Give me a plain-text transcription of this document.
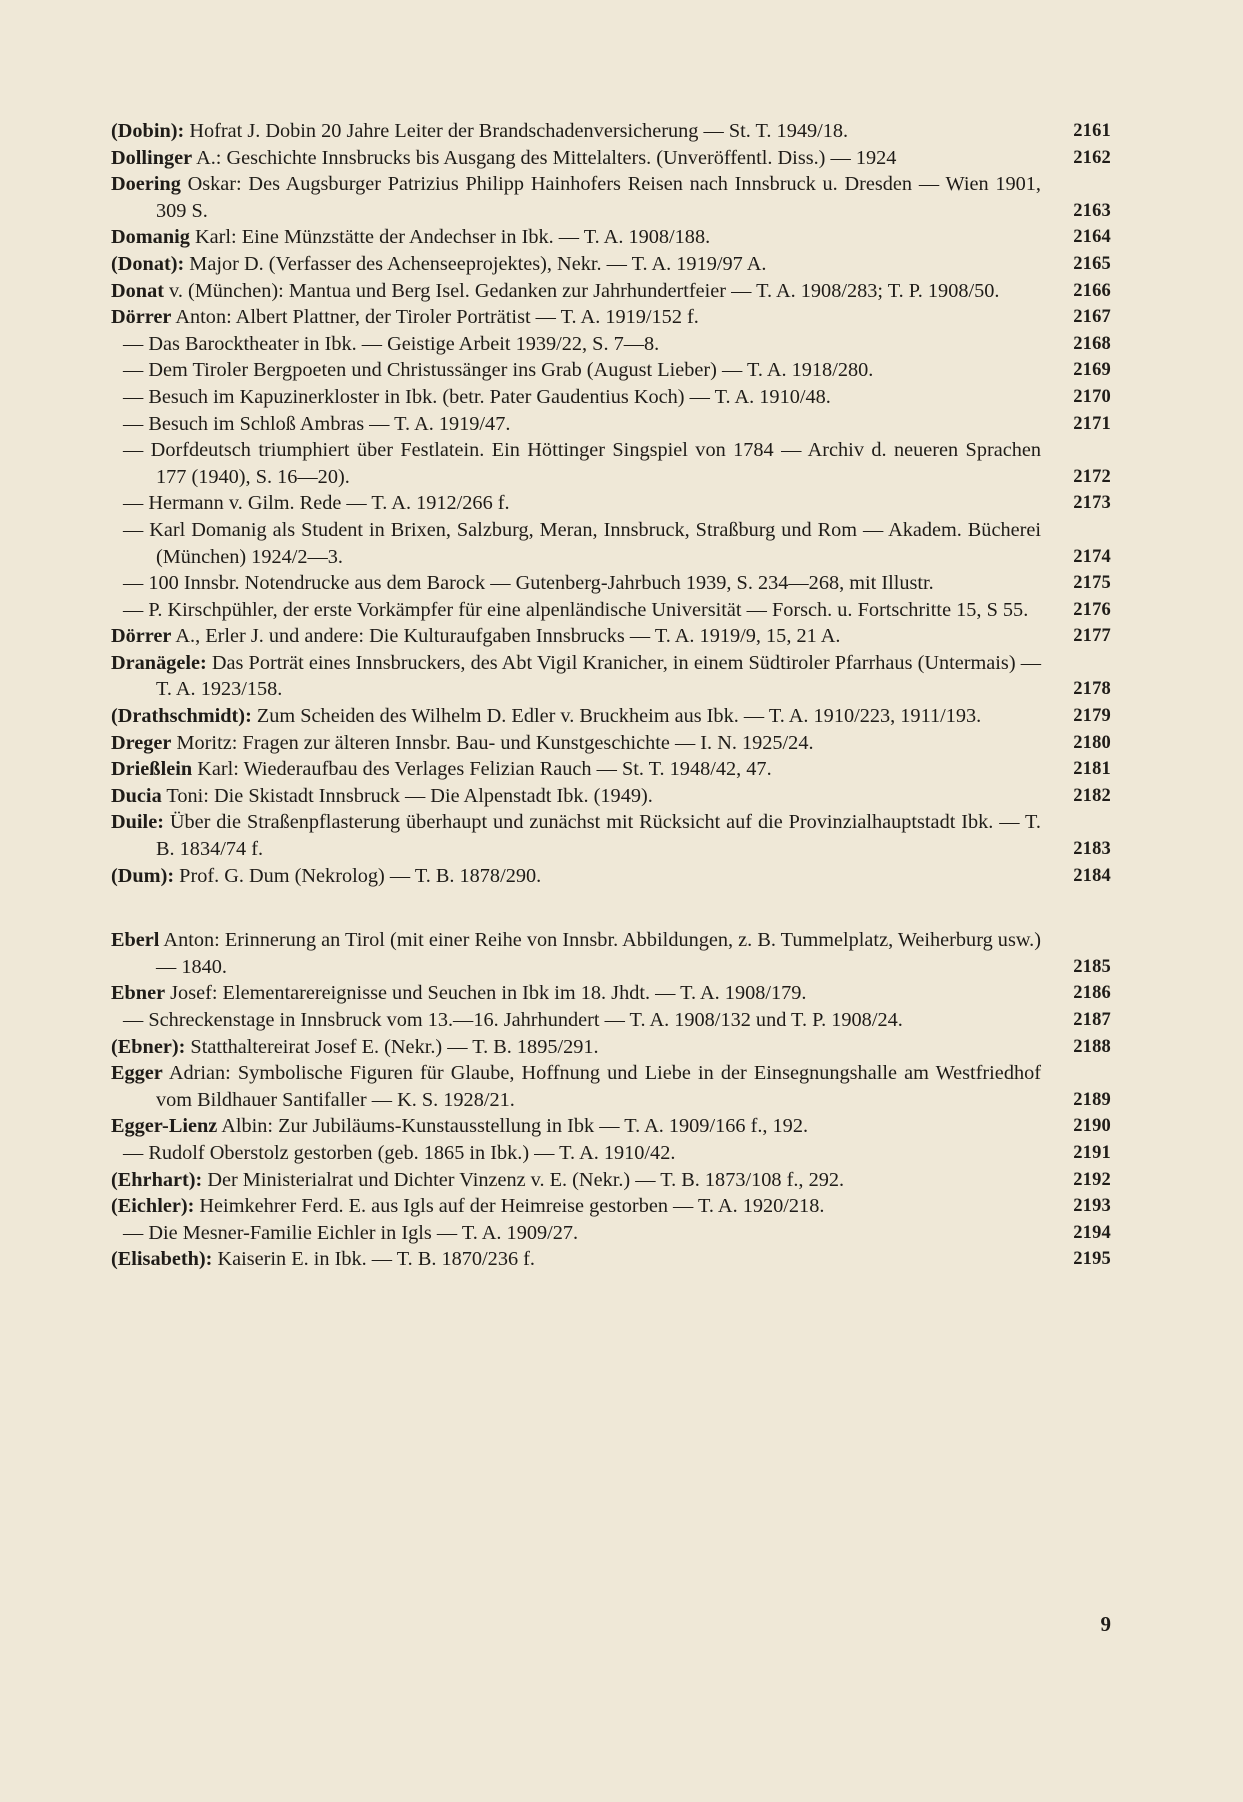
(Dobin): Hofrat J. Dobin 20 Jahre Leiter der Brandschadenversicherung — St. T. 1949/18.	2161
Dollinger A.: Geschichte Innsbrucks bis Ausgang des Mittelalters. (Unveröffentl. Diss.) — 1924	2162
Doering Oskar: Des Augsburger Patrizius Philipp Hainhofers Reisen nach Innsbruck u. Dresden — Wien 1901, 309 S.	2163
Domanig Karl: Eine Münzstätte der Andechser in Ibk. — T. A. 1908/188.	2164
(Donat): Major D. (Verfasser des Achenseeprojektes), Nekr. — T. A. 1919/97 A.	2165
Donat v. (München): Mantua und Berg Isel. Gedanken zur Jahrhundertfeier — T. A. 1908/283; T. P. 1908/50.	2166
Dörrer Anton: Albert Plattner, der Tiroler Porträtist — T. A. 1919/152 f.	2167
— Das Barocktheater in Ibk. — Geistige Arbeit 1939/22, S. 7—8.	2168
— Dem Tiroler Bergpoeten und Christussänger ins Grab (August Lieber) — T. A. 1918/280.	2169
— Besuch im Kapuzinerkloster in Ibk. (betr. Pater Gaudentius Koch) — T. A. 1910/48.	2170
— Besuch im Schloß Ambras — T. A. 1919/47.	2171
— Dorfdeutsch triumphiert über Festlatein. Ein Höttinger Singspiel von 1784 — Archiv d. neueren Sprachen 177 (1940), S. 16—20).	2172
— Hermann v. Gilm. Rede — T. A. 1912/266 f.	2173
— Karl Domanig als Student in Brixen, Salzburg, Meran, Innsbruck, Straßburg und Rom — Akadem. Bücherei (München) 1924/2—3.	2174
— 100 Innsbr. Notendrucke aus dem Barock — Gutenberg-Jahrbuch 1939, S. 234—268, mit Illustr.	2175
— P. Kirschpühler, der erste Vorkämpfer für eine alpenländische Universität — Forsch. u. Fortschritte 15, S 55.	2176
Dörrer A., Erler J. und andere: Die Kulturaufgaben Innsbrucks — T. A. 1919/9, 15, 21 A.	2177
Dranägele: Das Porträt eines Innsbruckers, des Abt Vigil Kranicher, in einem Südtiroler Pfarrhaus (Untermais) — T. A. 1923/158.	2178
(Drathschmidt): Zum Scheiden des Wilhelm D. Edler v. Bruckheim aus Ibk. — T. A. 1910/223, 1911/193.	2179
Dreger Moritz: Fragen zur älteren Innsbr. Bau- und Kunstgeschichte — I. N. 1925/24.	2180
Drießlein Karl: Wiederaufbau des Verlages Felizian Rauch — St. T. 1948/42, 47.	2181
Ducia Toni: Die Skistadt Innsbruck — Die Alpenstadt Ibk. (1949).	2182
Duile: Über die Straßenpflasterung überhaupt und zunächst mit Rücksicht auf die Provinzialhauptstadt Ibk. — T. B. 1834/74 f.	2183
(Dum): Prof. G. Dum (Nekrolog) — T. B. 1878/290.	2184
Eberl Anton: Erinnerung an Tirol (mit einer Reihe von Innsbr. Abbildungen, z. B. Tummelplatz, Weiherburg usw.) — 1840.	2185
Ebner Josef: Elementarereignisse und Seuchen in Ibk im 18. Jhdt. — T. A. 1908/179.	2186
— Schreckenstage in Innsbruck vom 13.—16. Jahrhundert — T. A. 1908/132 und T. P. 1908/24.	2187
(Ebner): Statthaltereirat Josef E. (Nekr.) — T. B. 1895/291.	2188
Egger Adrian: Symbolische Figuren für Glaube, Hoffnung und Liebe in der Einsegnungshalle am Westfriedhof vom Bildhauer Santifaller — K. S. 1928/21.	2189
Egger-Lienz Albin: Zur Jubiläums-Kunstausstellung in Ibk — T. A. 1909/166 f., 192.	2190
— Rudolf Oberstolz gestorben (geb. 1865 in Ibk.) — T. A. 1910/42.	2191
(Ehrhart): Der Ministerialrat und Dichter Vinzenz v. E. (Nekr.) — T. B. 1873/108 f., 292.	2192
(Eichler): Heimkehrer Ferd. E. aus Igls auf der Heimreise gestorben — T. A. 1920/218.	2193
— Die Mesner-Familie Eichler in Igls — T. A. 1909/27.	2194
(Elisabeth): Kaiserin E. in Ibk. — T. B. 1870/236 f.	2195
9
